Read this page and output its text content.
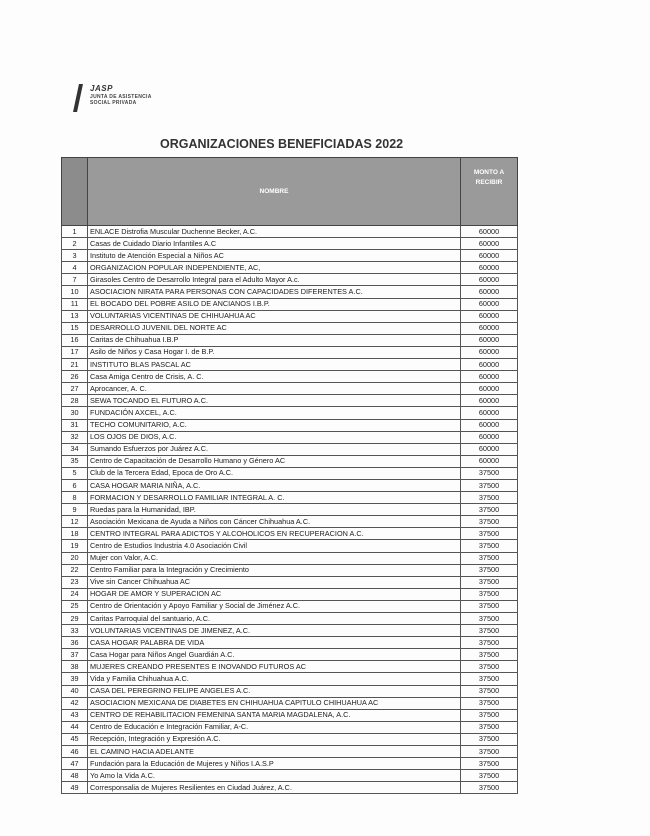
JASP
JUNTA DE ASISTENCIA
SOCIAL PRIVADA
ORGANIZACIONES BENEFICIADAS 2022
	NOMBRE	MONTO A
RECIBIR
1	ENLACE Distrofia Muscular Duchenne Becker, A.C.	60000
2	Casas de Cuidado Diario Infantiles A.C	60000
3	Instituto de Atención Especial a Niños AC	60000
4	ORGANIZACION POPULAR INDEPENDIENTE, AC,	60000
7	Girasoles Centro de Desarrollo Integral para el Adulto Mayor A.c.	60000
10	ASOCIACION NIRATA PARA PERSONAS CON CAPACIDADES DIFERENTES A.C.	60000
11	EL BOCADO DEL POBRE ASILO DE ANCIANOS I.B.P.	60000
13	VOLUNTARIAS VICENTINAS DE CHIHUAHUA AC	60000
15	DESARROLLO JUVENIL DEL NORTE AC	60000
16	Caritas de Chihuahua I.B.P	60000
17	Asilo de Niños y Casa Hogar I. de B.P.	60000
21	INSTITUTO BLAS PASCAL AC	60000
26	Casa Amiga Centro de Crisis, A. C.	60000
27	Aprocancer, A. C.	60000
28	SEWA TOCANDO EL FUTURO A.C.	60000
30	FUNDACIÓN AXCEL, A.C.	60000
31	TECHO COMUNITARIO, A.C.	60000
32	LOS OJOS DE DIOS, A.C.	60000
34	Sumando Esfuerzos por Juárez A.C.	60000
35	Centro de Capacitación de Desarrollo Humano y Género AC	60000
5	Club de la Tercera Edad, Epoca de Oro A.C.	37500
6	CASA HOGAR MARIA NIÑA, A.C.	37500
8	FORMACION Y DESARROLLO FAMILIAR INTEGRAL A. C.	37500
9	Ruedas para la Humanidad, IBP.	37500
12	Asociación Mexicana de Ayuda a Niños con Cáncer Chihuahua A.C.	37500
18	CENTRO INTEGRAL PARA ADICTOS Y ALCOHOLICOS EN RECUPERACION A.C.	37500
19	Centro de Estudios Industria 4.0 Asociación Civil	37500
20	Mujer con Valor, A.C.	37500
22	Centro Familiar para la Integración y Crecimiento	37500
23	Vive sin Cancer Chihuahua AC	37500
24	HOGAR DE AMOR Y SUPERACION AC	37500
25	Centro de Orientación y Apoyo Familiar y Social de Jiménez A.C.	37500
29	Caritas Parroquial del santuario, A.C.	37500
33	VOLUNTARIAS VICENTINAS DE JIMENEZ, A.C.	37500
36	CASA HOGAR PALABRA DE VIDA	37500
37	Casa Hogar para Niños Angel Guardián A.C.	37500
38	MUJERES CREANDO PRESENTES E INOVANDO FUTUROS AC	37500
39	Vida y Familia Chihuahua A.C.	37500
40	CASA DEL PEREGRINO FELIPE ANGELES A.C.	37500
42	ASOCIACION MEXICANA DE DIABETES EN CHIHUAHUA CAPITULO CHIHUAHUA AC	37500
43	CENTRO DE REHABILITACION FEMENINA SANTA MARIA MAGDALENA, A.C.	37500
44	Centro de Educación e Integración Familiar, A-C.	37500
45	Recepción, Integración y Expresión A.C.	37500
46	EL CAMINO HACIA ADELANTE	37500
47	Fundación para la Educación de Mujeres y Niños I.A.S.P	37500
48	Yo Amo la Vida A.C.	37500
49	Corresponsalia de Mujeres Resilientes en Ciudad Juárez, A.C.	37500
